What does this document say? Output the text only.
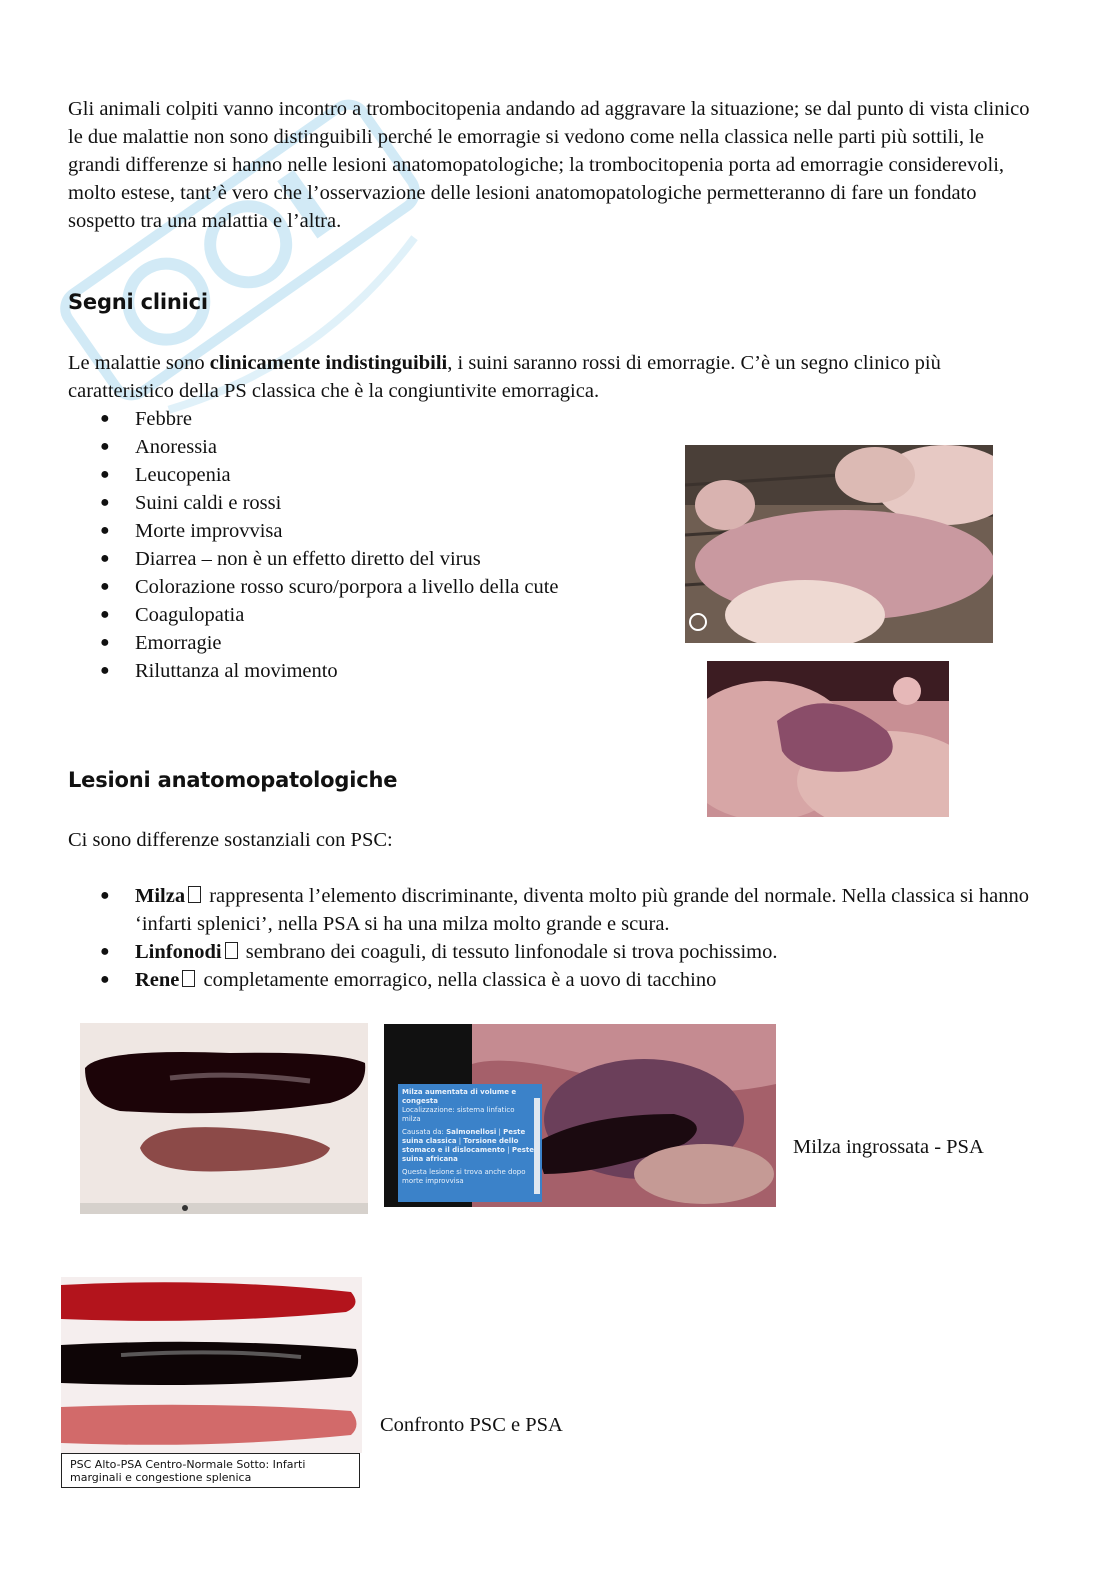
Gli animali colpiti vanno incontro a trombocitopenia andando ad aggravare la situazione; se dal punto di vista clinico le due malattie non sono distinguibili perché le emorragie si vedono come nella classica nelle parti più sottili, le grandi differenze si hanno nelle lesioni anatomopatologiche; la trombocitopenia porta ad emorragie considerevoli, molto estese, tant’è vero che l’osservazione delle lesioni anatomopatologiche permetteranno di fare un fondato sospetto tra una malattia e l’altra.
Segni clinici
Le malattie sono clinicamente indistinguibili, i suini saranno rossi di emorragie. C’è un segno clinico più caratteristico della PS classica che è la congiuntivite emorragica.
● Febbre
● Anoressia
● Leucopenia
● Suini caldi e rossi
● Morte improvvisa
● Diarrea – non è un effetto diretto del virus
● Colorazione rosso scuro/porpora a livello della cute
● Coagulopatia
● Emorragie
● Riluttanza al movimento
Lesioni anatomopatologiche
Ci sono differenze sostanziali con PSC:
● Milza rappresenta l’elemento discriminante, diventa molto più grande del normale. Nella classica si hanno ‘infarti splenici’, nella PSA si ha una milza molto grande e scura.
● Linfonodi sembrano dei coaguli, di tessuto linfonodale si trova pochissimo.
● Rene completamente emorragico, nella classica è a uovo di tacchino
Milza aumentata di volume e congesta
Localizzazione: sistema linfatico
milza
Causata da: Salmonellosi | Peste suina classica | Torsione dello stomaco e il dislocamento | Peste suina africana
Questa lesione si trova anche dopo morte improvvisa
Milza ingrossata - PSA
PSC Alto-PSA Centro-Normale Sotto: Infarti marginali e congestione splenica
Confronto PSC e PSA
